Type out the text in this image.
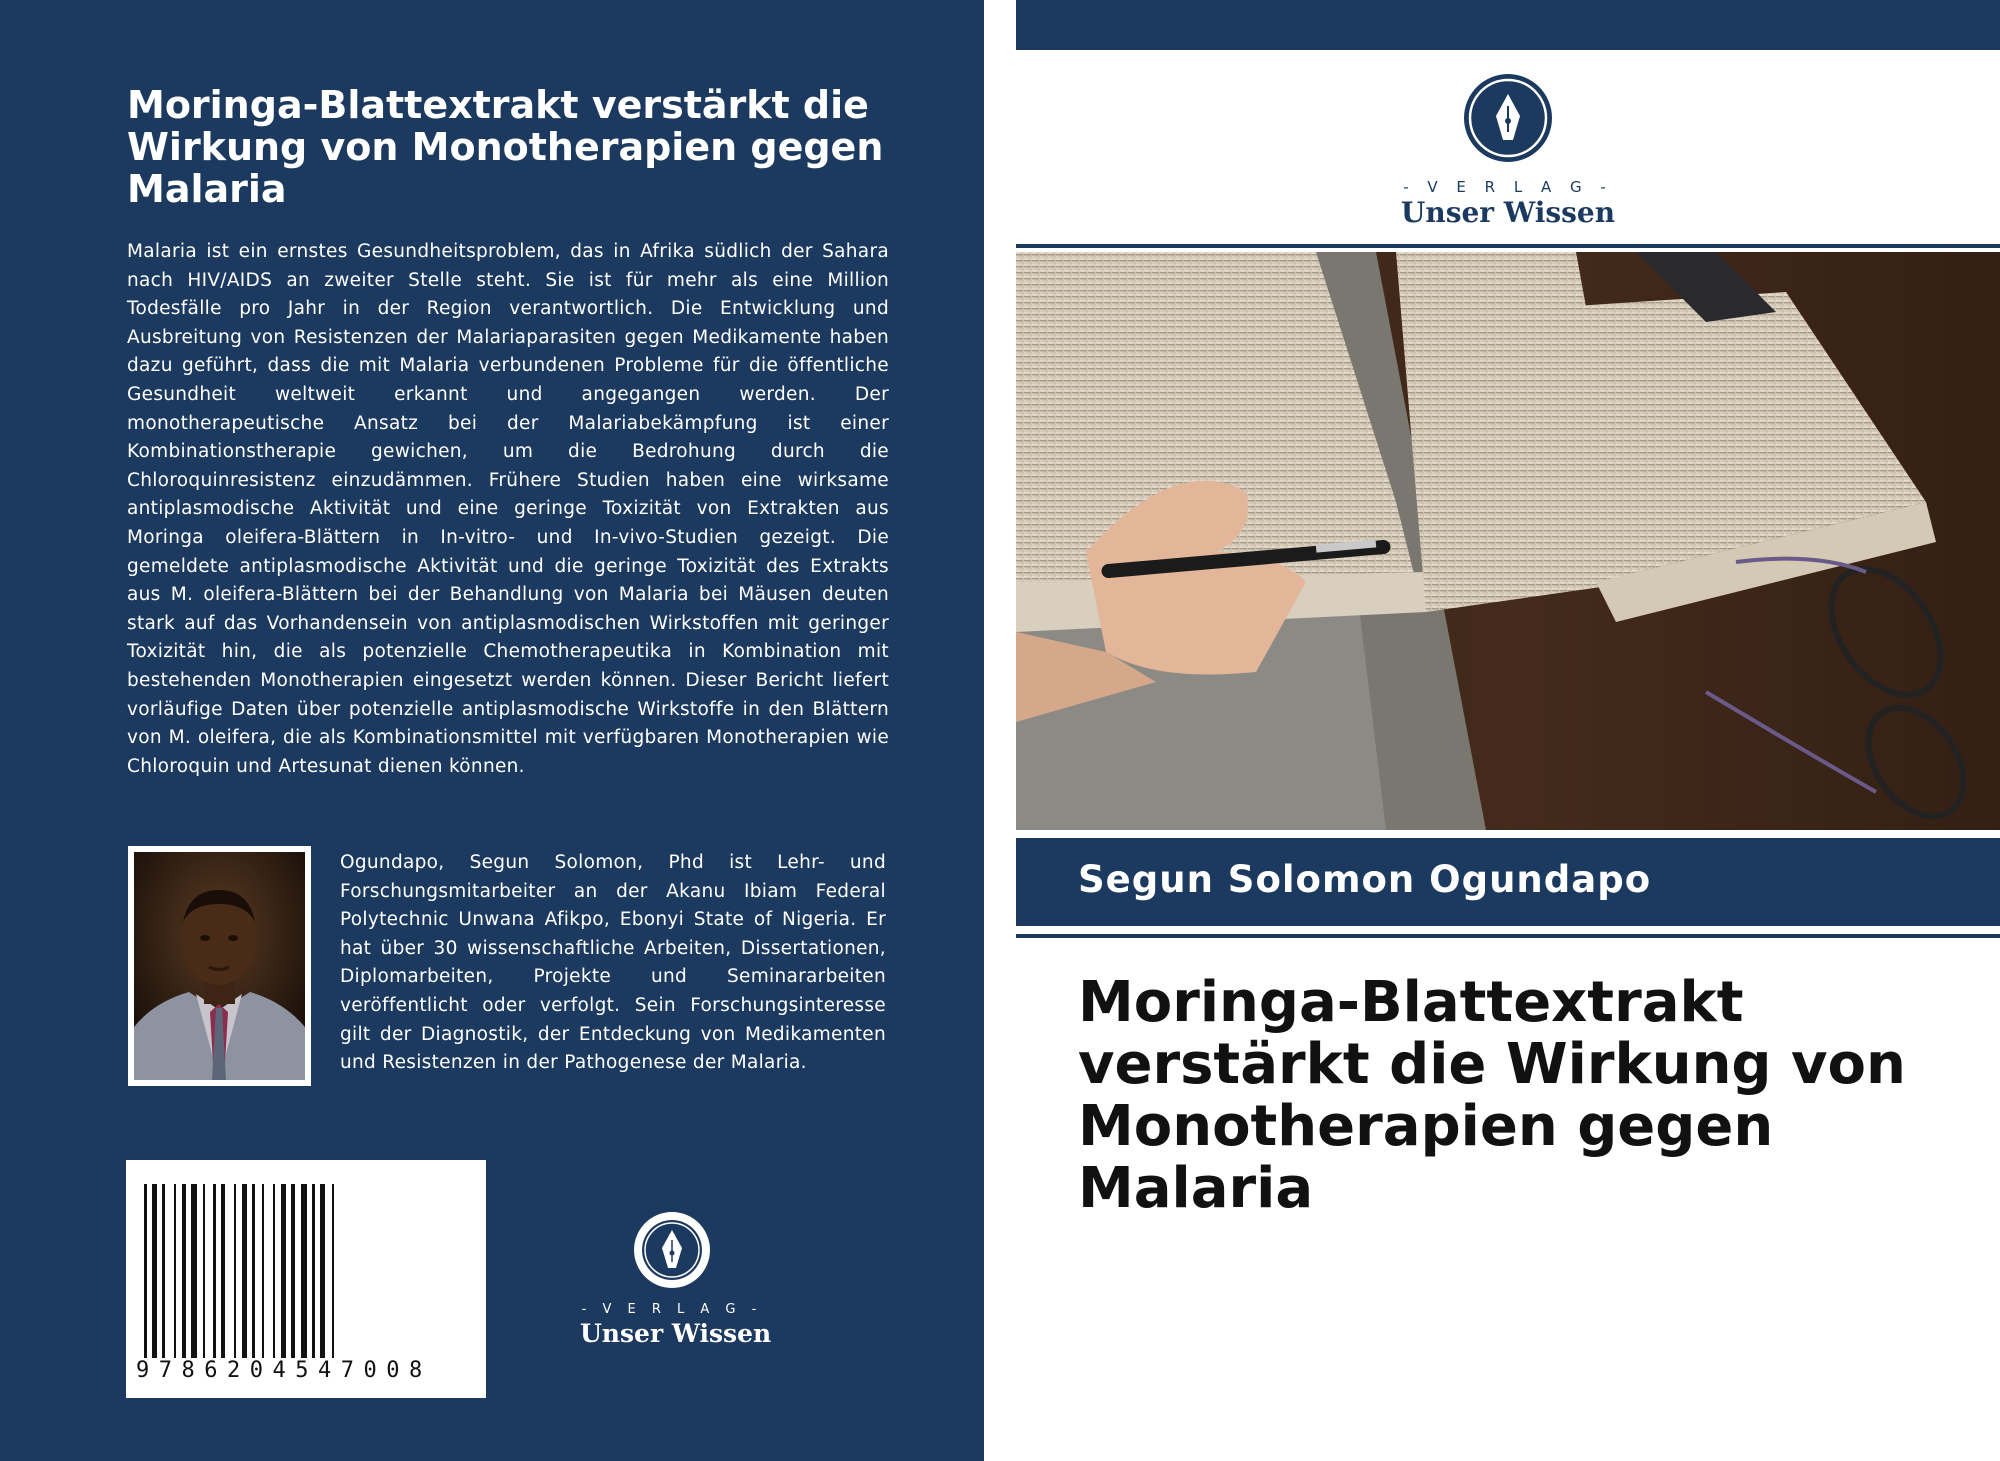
Moringa-Blattextrakt verstärkt die Wirkung von Monotherapien gegen Malaria

Malaria ist ein ernstes Gesundheitsproblem, das in Afrika südlich der Sahara nach HIV/AIDS an zweiter Stelle steht. Sie ist für mehr als eine Million Todesfälle pro Jahr in der Region verantwortlich. Die Entwicklung und Ausbreitung von Resistenzen der Malariaparasiten gegen Medikamente haben dazu geführt, dass die mit Malaria verbundenen Probleme für die öffentliche Gesundheit weltweit erkannt und angegangen werden. Der monotherapeutische Ansatz bei der Malariabekämpfung ist einer Kombinationstherapie gewichen, um die Bedrohung durch die Chloroquinresistenz einzudämmen. Frühere Studien haben eine wirksame antiplasmodische Aktivität und eine geringe Toxizität von Extrakten aus Moringa oleifera-Blättern in In-vitro- und In-vivo-Studien gezeigt. Die gemeldete antiplasmodische Aktivität und die geringe Toxizität des Extrakts aus M. oleifera-Blättern bei der Behandlung von Malaria bei Mäusen deuten stark auf das Vorhandensein von antiplasmodischen Wirkstoffen mit geringer Toxizität hin, die als potenzielle Chemotherapeutika in Kombination mit bestehenden Monotherapien eingesetzt werden können. Dieser Bericht liefert vorläufige Daten über potenzielle antiplasmodische Wirkstoffe in den Blättern von M. oleifera, die als Kombinationsmittel mit verfügbaren Monotherapien wie Chloroquin und Artesunat dienen können.

Ogundapo, Segun Solomon, Phd ist Lehr- und Forschungsmitarbeiter an der Akanu Ibiam Federal Polytechnic Unwana Afikpo, Ebonyi State of Nigeria. Er hat über 30 wissenschaftliche Arbeiten, Dissertationen, Diplomarbeiten, Projekte und Seminararbeiten veröffentlicht oder verfolgt. Sein Forschungsinteresse gilt der Diagnostik, der Entdeckung von Medikamenten und Resistenzen in der Pathogenese der Malaria.

9786204547008
- V E R L A G -
Unser Wissen
- V E R L A G -
Unser Wissen
Segun Solomon Ogundapo
Moringa-Blattextrakt verstärkt die Wirkung von Monotherapien gegen Malaria
